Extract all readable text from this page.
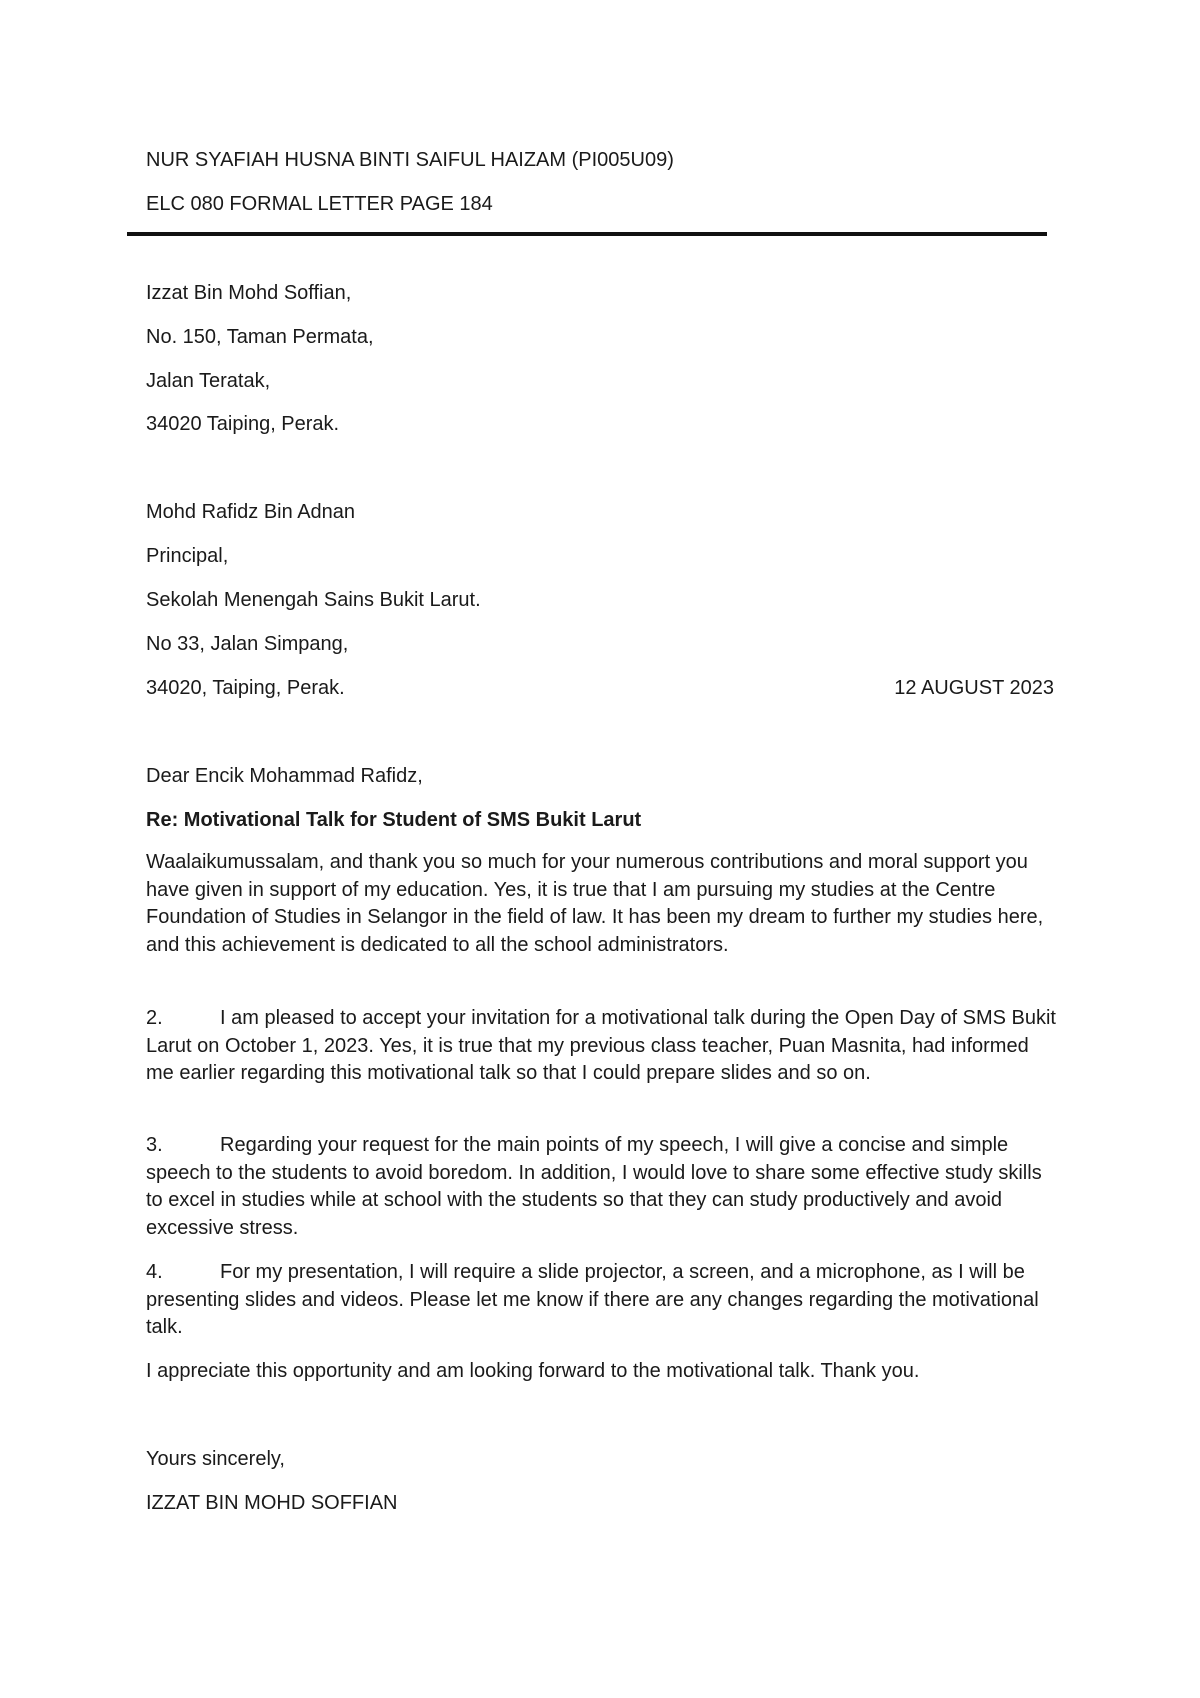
NUR SYAFIAH HUSNA BINTI SAIFUL HAIZAM (PI005U09)

ELC 080 FORMAL LETTER PAGE 184

Izzat Bin Mohd Soffian,

No. 150, Taman Permata,

Jalan Teratak,

34020 Taiping, Perak.

Mohd Rafidz Bin Adnan

Principal,

Sekolah Menengah Sains Bukit Larut.

No 33, Jalan Simpang,

34020, Taiping, Perak.	12 AUGUST 2023

Dear Encik Mohammad Rafidz,

Re: Motivational Talk for Student of SMS Bukit Larut

Waalaikumussalam, and thank you so much for your numerous contributions and moral support you have given in support of my education. Yes, it is true that I am pursuing my studies at the Centre Foundation of Studies in Selangor in the field of law. It has been my dream to further my studies here, and this achievement is dedicated to all the school administrators.

2.	I am pleased to accept your invitation for a motivational talk during the Open Day of SMS Bukit Larut on October 1, 2023. Yes, it is true that my previous class teacher, Puan Masnita, had informed me earlier regarding this motivational talk so that I could prepare slides and so on.

3.	Regarding your request for the main points of my speech, I will give a concise and simple speech to the students to avoid boredom. In addition, I would love to share some effective study skills to excel in studies while at school with the students so that they can study productively and avoid excessive stress.

4.	For my presentation, I will require a slide projector, a screen, and a microphone, as I will be presenting slides and videos. Please let me know if there are any changes regarding the motivational talk.

I appreciate this opportunity and am looking forward to the motivational talk. Thank you.

Yours sincerely,

IZZAT BIN MOHD SOFFIAN
